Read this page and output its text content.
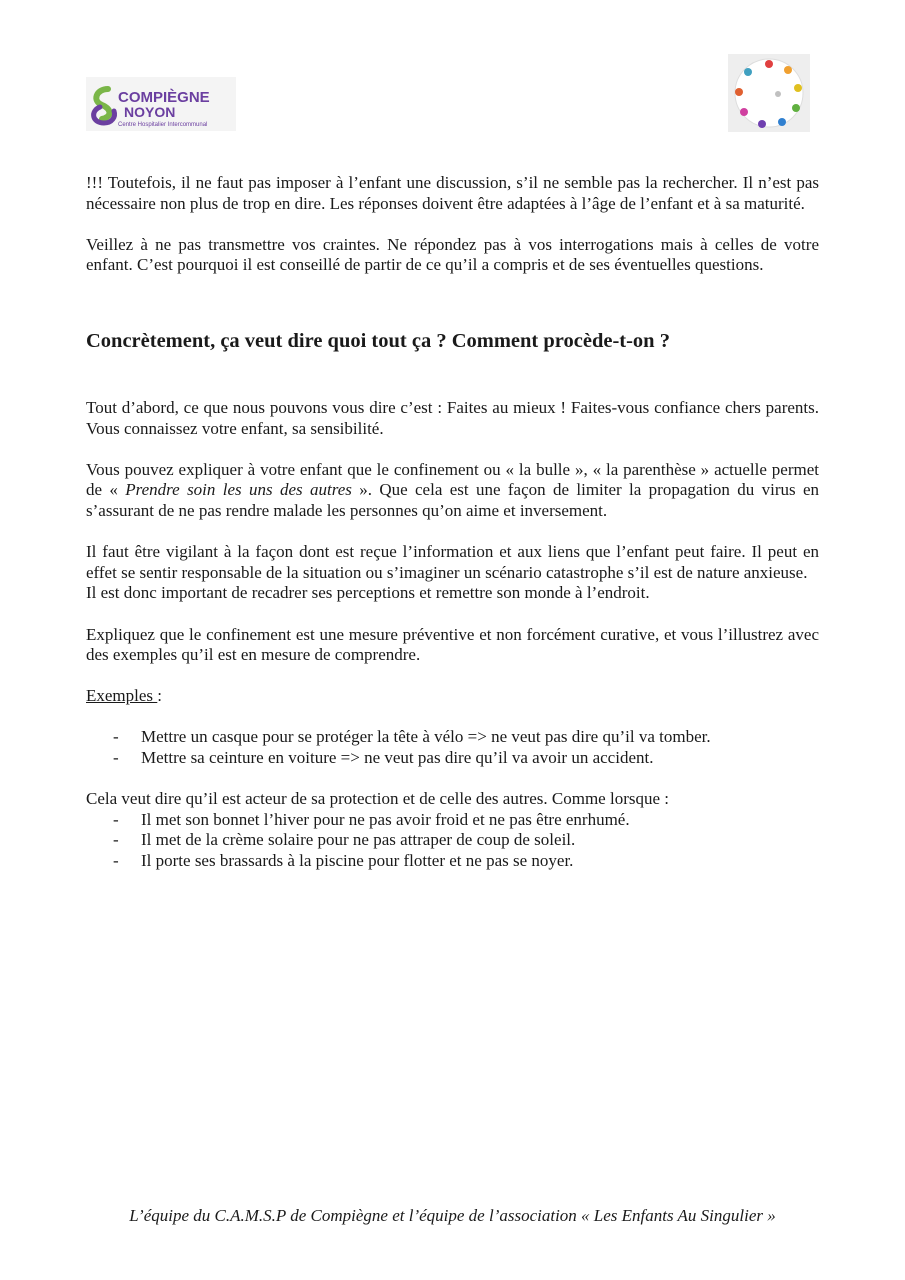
COMPIÈGNE
NOYON
Centre Hospitalier Intercommunal

!!! Toutefois, il ne faut pas imposer à l’enfant une discussion, s’il ne semble pas la rechercher. Il n’est pas nécessaire non plus de trop en dire. Les réponses doivent être adaptées à l’âge de l’enfant et à sa maturité.

Veillez à ne pas transmettre vos craintes. Ne répondez pas à vos interrogations mais à celles de votre enfant. C’est pourquoi il est conseillé de partir de ce qu’il a compris et de ses éventuelles questions.

Concrètement, ça veut dire quoi tout ça ? Comment procède-t-on ?

Tout d’abord, ce que nous pouvons vous dire c’est : Faites au mieux ! Faites-vous confiance chers parents. Vous connaissez votre enfant, sa sensibilité.

Vous pouvez expliquer à votre enfant que le confinement ou « la bulle », « la parenthèse » actuelle permet de « Prendre soin les uns des autres ». Que cela est une façon de limiter la propagation du virus en s’assurant de ne pas rendre malade les personnes qu’on aime et inversement.

Il faut être vigilant à la façon dont est reçue l’information et aux liens que l’enfant peut faire. Il peut en effet se sentir responsable de la situation ou s’imaginer un scénario catastrophe s’il est de nature anxieuse.

Il est donc important de recadrer ses perceptions et remettre son monde à l’endroit.

Expliquez que le confinement est une mesure préventive et non forcément curative, et vous l’illustrez avec des exemples qu’il est en mesure de comprendre.

Exemples :

- Mettre un casque pour se protéger la tête à vélo => ne veut pas dire qu’il va tomber.
- Mettre sa ceinture en voiture => ne veut pas dire qu’il va avoir un accident.

Cela veut dire qu’il est acteur de sa protection et de celle des autres. Comme lorsque :

- Il met son bonnet l’hiver pour ne pas avoir froid et ne pas être enrhumé.
- Il met de la crème solaire pour ne pas attraper de coup de soleil.
- Il porte ses brassards à la piscine pour flotter et ne pas se noyer.
L’équipe du C.A.M.S.P de Compiègne et l’équipe de l’association « Les Enfants Au Singulier »
